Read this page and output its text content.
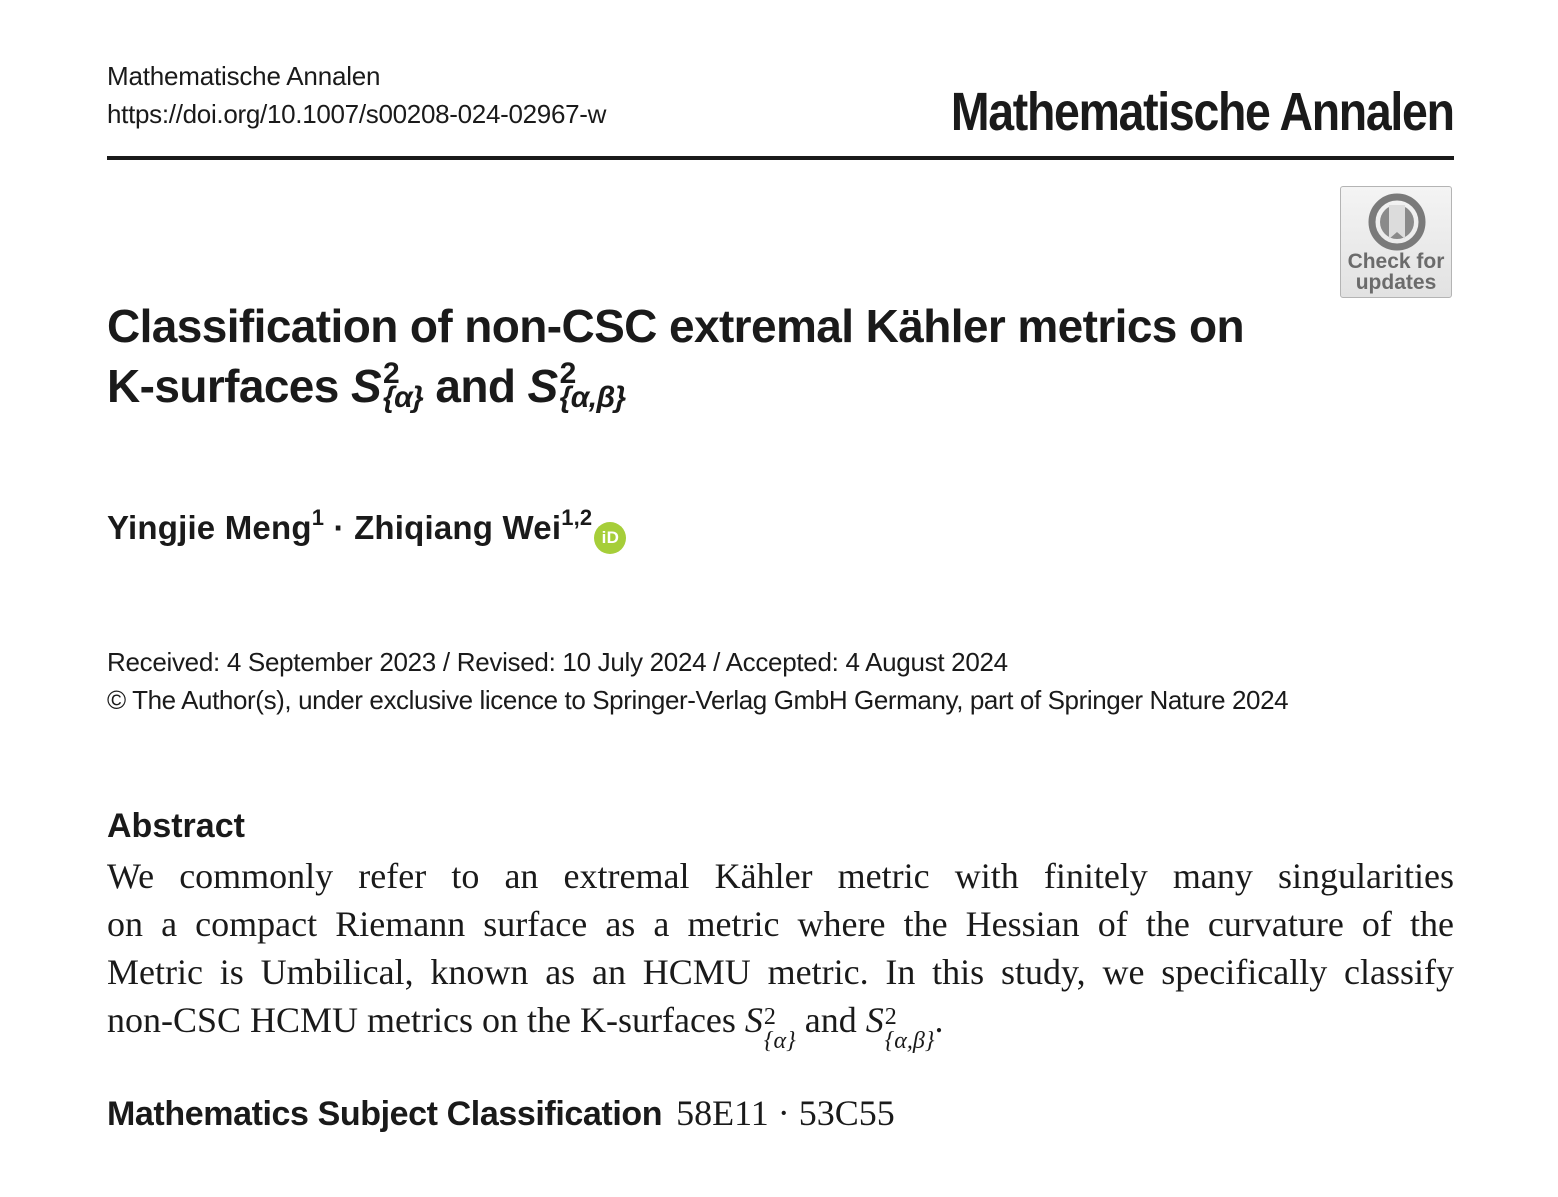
Mathematische Annalen
https://doi.org/10.1007/s00208-024-02967-w	Mathematische Annalen
Check for
updates
Classification of non-CSC extremal Kähler metrics on
K-surfaces S 2
{α} and S 2
{α,β}
Yingjie Meng$^1$ · Zhiqiang Wei$^{1,2}$iD
Received: 4 September 2023 / Revised: 10 July 2024 / Accepted: 4 August 2024
© The Author(s), under exclusive licence to Springer-Verlag GmbH Germany, part of Springer Nature 2024
Abstract
We commonly refer to an extremal Kähler metric with finitely many singularities
on a compact Riemann surface as a metric where the Hessian of the curvature of the
Metric is Umbilical, known as an HCMU metric. In this study, we specifically classify
non-CSC HCMU metrics on the K-surfaces S 2
{α}
and S 2
{α,β}
.
Mathematics Subject Classification 58E11 · 53C55
